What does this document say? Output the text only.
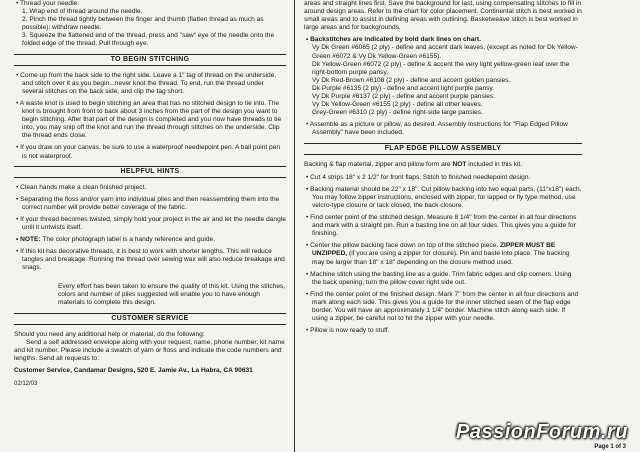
• Thread your needle.

1. Wrap end of thread around the needle.

2. Pinch the thread tightly between the finger and thumb (flatten thread as much as possible); withdraw needle.

3. Squeeze the flattened end of the thread, press and "saw" eye of the needle onto the folded edge of the thread. Pull through eye.

TO BEGIN STITCHING

• Come up from the back side to the right side. Leave a 1" tag of thread on the underside, and stitch over it as you begin...never knot the thread. To end, run the thread under several stitches on the back side, and clip the tag short.

• A waste knot is used to begin stitching an area that has no stitched design to tie into. The knot is brought from front to back about 3 inches from the part of the design you want to begin stitching. After that part of the design is completed and you now have threads to tie into, you may snip off the knot and run the thread through stitches on the underside. Clip the thread ends close.

• If you draw on your canvas, be sure to use a waterproof needlepoint pen. A ball point pen is not waterproof.

HELPFUL HINTS

• Clean hands make a clean finished project.

• Separating the floss and/or yarn into individual plies and then reassembling them into the correct number will provide better coverage of the fabric.

• If your thread becomes twisted, simply hold your project in the air and let the needle dangle until it untwists itself.

• NOTE: The color photograph label is a handy reference and guide.

• If this kit has decorative threads, it is best to work with shorter lengths. This will reduce tangles and breakage. Running the thread over sewing wax will also reduce breakage and snags.

Every effort has been taken to ensure the quality of this kit. Using the stitches, colors and number of plies suggested will enable you to have enough materials to complete this design.

CUSTOMER SERVICE

Should you need any additional help or material, do the following:

Send a self addressed envelope along with your request, name, phone number, kit name and kit number. Please include a swatch of yarn or floss and indicate the code numbers and lengths. Send all requests to:

Customer Service, Candamar Designs, 520 E. Jamie Av., La Habra, CA 90631

02/12/03

areas and straight lines first. Save the background for last, using compensating stitches to fill in around design areas. Refer to the chart for color placement. Continental stitch is best worked in small areas and to assist in defining areas with outlining. Basketweave stitch is best worked in large areas and for backgrounds.

• Backstitches are indicated by bold dark lines on chart.

Vy Dk Green #6065 (2 ply) - define and accent dark leaves, (except as noted for Dk Yellow-Green #6072 & Vy Dk Yellow-Green #6155).

Dk Yellow-Green #6072 (2 ply) - define & accent the very light yellow-green leaf over the right-bottom purple pansy.

Vy Dk Red-Brown #6108 (2 ply) - define and accent golden pansies.

Dk Purple #6135 (2 ply) - define and accent light purple pansy.

Vy Dk Purple #6137 (2 ply) - define and accent purple pansies.

Vy Dk Yellow-Green #6155 (2 ply) - define all other leaves.

Grey-Green #6310 (2 ply) - define right-side large pansies.

• Assemble as a picture or pillow, as desired. Assembly instructions for "Flap Edged Pillow Assembly" have been included.

FLAP EDGE PILLOW ASSEMBLY

Backing & flap material, zipper and pillow form are NOT included in this kit.

• Cut 4 strips 18" x 2 1/2" for front flaps. Stitch to finished needlepoint design.

• Backing material should be 22" x 18". Cut pillow backing into two equal parts, (11"x18") each. You may follow zipper instructions, enclosed with zipper, for lapped or fly type method, use velcro-type closure or tack closed, the back closure.

• Find center point of the stitched design. Measure 8 1/4" from the center in all four directions and mark with a straight pin. Run a basting line on all four sides. This gives you a guide for finishing.

• Center the pillow backing face down on top of the stitched piece. ZIPPER MUST BE UNZIPPED, (if you are using a zipper for closure). Pin and baste into place. The backing may be larger than 18" x 18" depending on the closure method used.

• Machine stitch using the basting line as a guide. Trim fabric edges and clip corners. Using the back opening, turn the pillow cover right side out.

• Find the center point of the finished design. Mark 7" from the center in all four directions and mark along each side. This gives you a guide for the inner stitched seam of the flap edge border. You will have an approximately 1 1/4" border. Machine stitch along each side. If using a zipper, be careful not to hit the zipper with your needle.

• Pillow is now ready to stuff.

Page 1 of 3
PassionForum.ru
